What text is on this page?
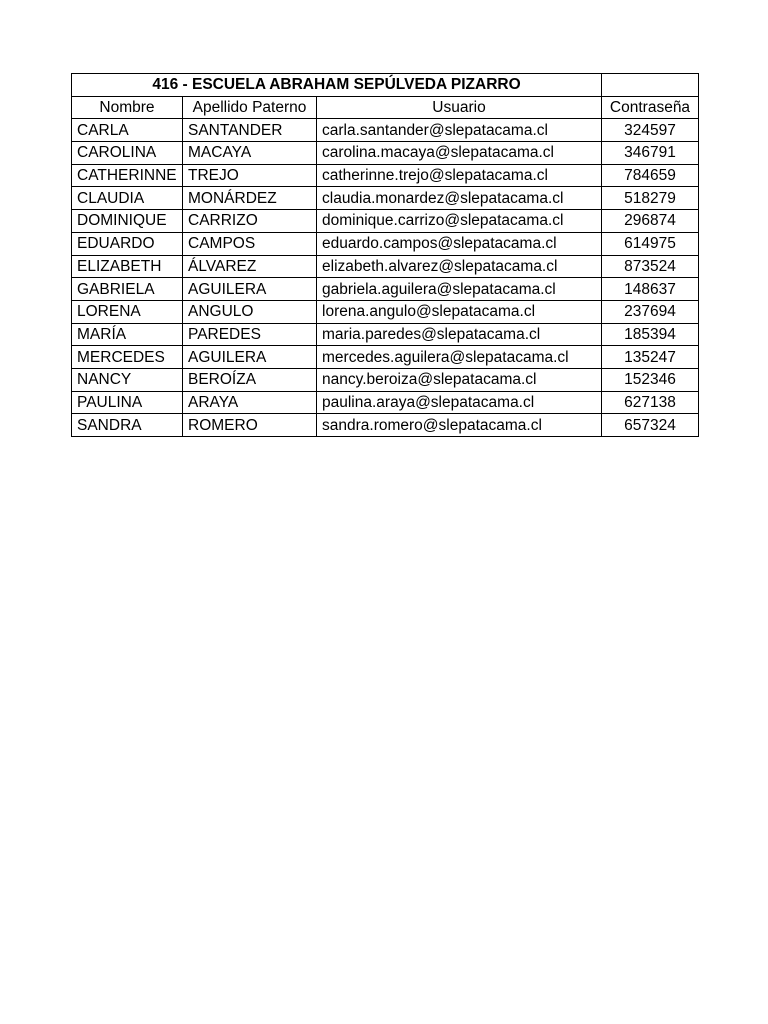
416 - ESCUELA ABRAHAM SEPÚLVEDA PIZARRO			
Nombre	Apellido Paterno	Usuario	Contraseña
CARLA	SANTANDER	carla.santander@slepatacama.cl	324597
CAROLINA	MACAYA	carolina.macaya@slepatacama.cl	346791
CATHERINNE	TREJO	catherinne.trejo@slepatacama.cl	784659
CLAUDIA	MONÁRDEZ	claudia.monardez@slepatacama.cl	518279
DOMINIQUE	CARRIZO	dominique.carrizo@slepatacama.cl	296874
EDUARDO	CAMPOS	eduardo.campos@slepatacama.cl	614975
ELIZABETH	ÁLVAREZ	elizabeth.alvarez@slepatacama.cl	873524
GABRIELA	AGUILERA	gabriela.aguilera@slepatacama.cl	148637
LORENA	ANGULO	lorena.angulo@slepatacama.cl	237694
MARÍA	PAREDES	maria.paredes@slepatacama.cl	185394
MERCEDES	AGUILERA	mercedes.aguilera@slepatacama.cl	135247
NANCY	BEROÍZA	nancy.beroiza@slepatacama.cl	152346
PAULINA	ARAYA	paulina.araya@slepatacama.cl	627138
SANDRA	ROMERO	sandra.romero@slepatacama.cl	657324
